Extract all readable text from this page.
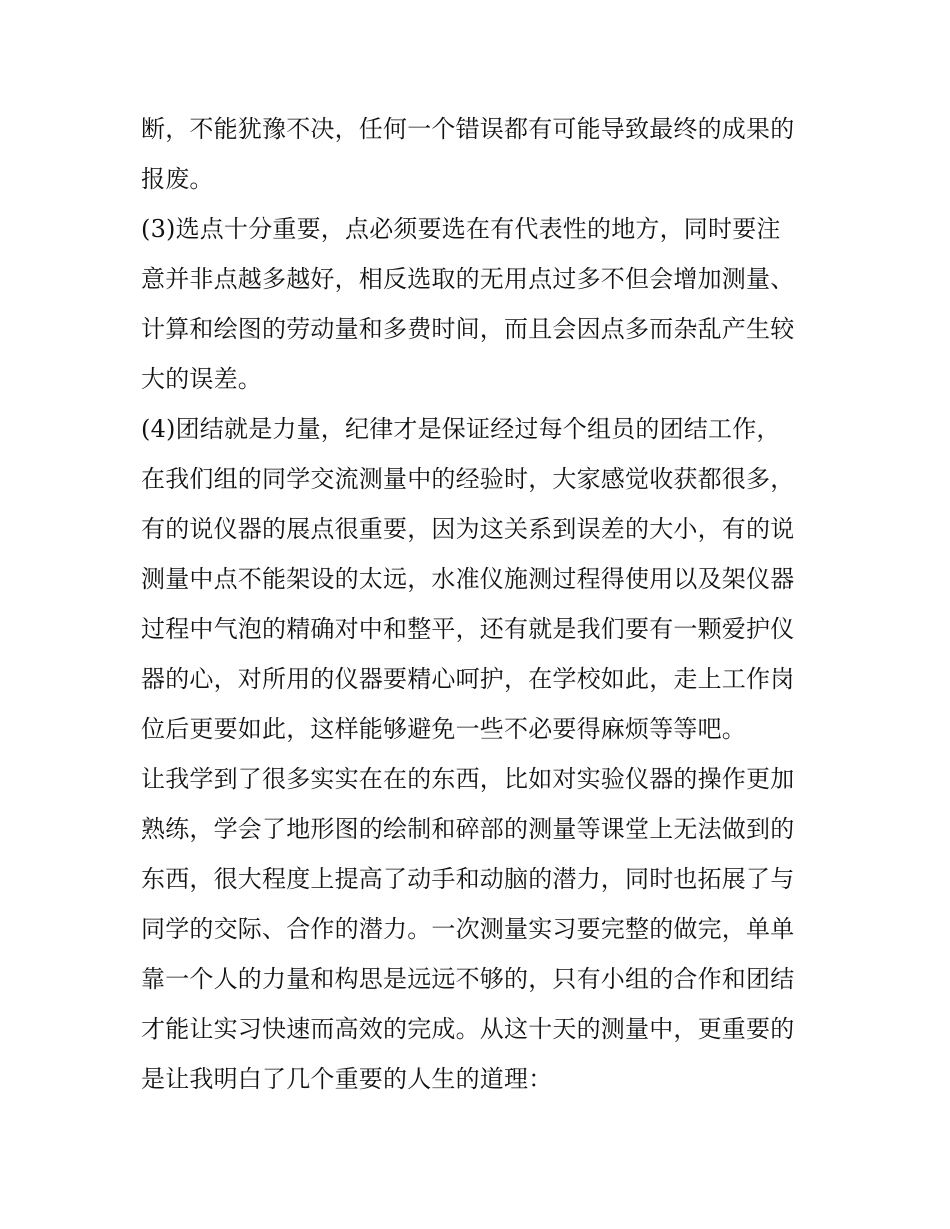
断，不能犹豫不决，任何一个错误都有可能导致最终的成果的
报废。
(3)选点十分重要，点必须要选在有代表性的地方，同时要注
意并非点越多越好，相反选取的无用点过多不但会增加测量、
计算和绘图的劳动量和多费时间，而且会因点多而杂乱产生较
大的误差。
(4)团结就是力量，纪律才是保证经过每个组员的团结工作，
在我们组的同学交流测量中的经验时，大家感觉收获都很多，
有的说仪器的展点很重要，因为这关系到误差的大小，有的说
测量中点不能架设的太远，水准仪施测过程得使用以及架仪器
过程中气泡的精确对中和整平，还有就是我们要有一颗爱护仪
器的心，对所用的仪器要精心呵护，在学校如此，走上工作岗
位后更要如此，这样能够避免一些不必要得麻烦等等吧。
让我学到了很多实实在在的东西，比如对实验仪器的操作更加
熟练，学会了地形图的绘制和碎部的测量等课堂上无法做到的
东西，很大程度上提高了动手和动脑的潜力，同时也拓展了与
同学的交际、合作的潜力。一次测量实习要完整的做完，单单
靠一个人的力量和构思是远远不够的，只有小组的合作和团结
才能让实习快速而高效的完成。从这十天的测量中，更重要的
是让我明白了几个重要的人生的道理：
